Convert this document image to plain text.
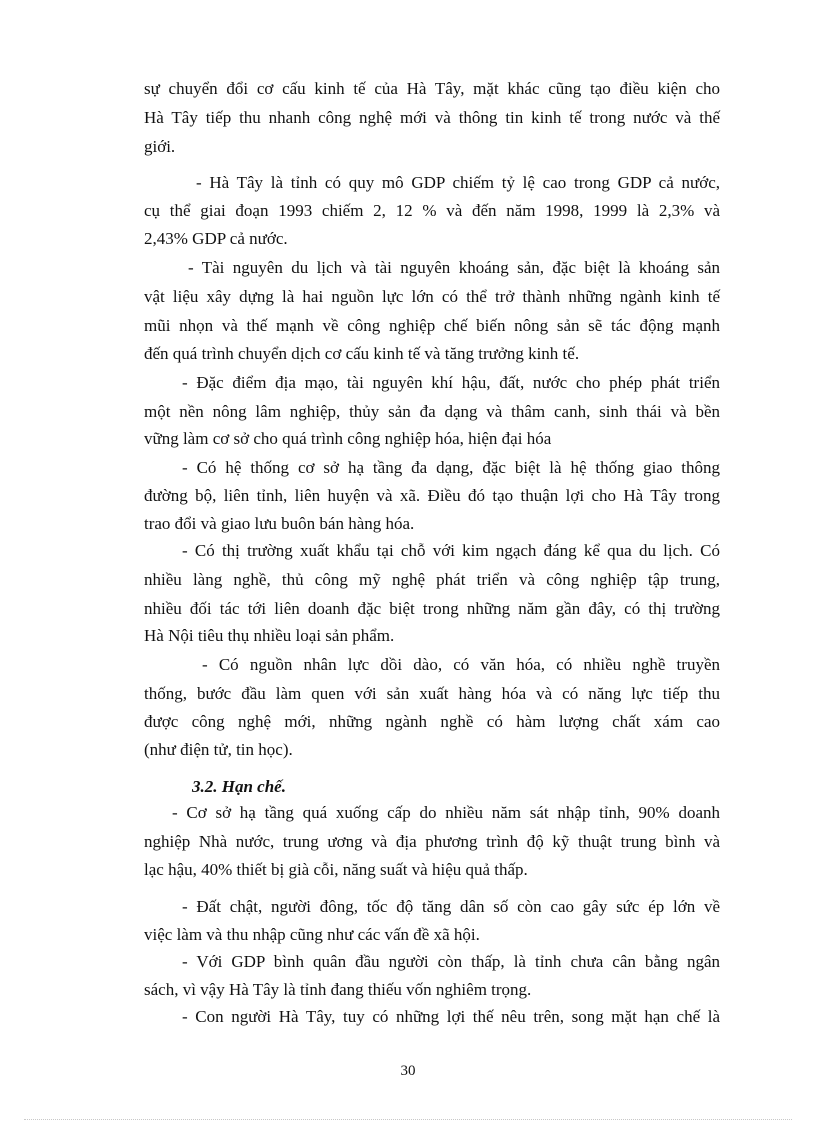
sự chuyển đổi cơ cấu kinh tế của Hà Tây, mặt khác cũng tạo điều kiện cho
Hà Tây tiếp thu nhanh công nghệ mới và thông tin kinh tế trong nước và thế
giới.
- Hà Tây là tỉnh có quy mô GDP chiếm tỷ lệ cao trong GDP cả nước,
cụ thể giai đoạn 1993 chiếm 2, 12 % và đến năm 1998, 1999 là 2,3% và
2,43% GDP cả nước.
- Tài nguyên du lịch và tài nguyên khoáng sản, đặc biệt là khoáng sản
vật liệu xây dựng là hai nguồn lực lớn có thể trở thành những ngành kinh tế
mũi nhọn và thế mạnh về công nghiệp chế biến nông sản sẽ tác động mạnh
đến quá trình chuyển dịch cơ cấu kinh tế và tăng trưởng kinh tế.
- Đặc điểm địa mạo, tài nguyên khí hậu, đất, nước cho phép phát triển
một nền nông lâm nghiệp, thủy sản đa dạng và thâm canh, sinh thái và bền
vững làm cơ sở cho quá trình công nghiệp hóa, hiện đại hóa
- Có hệ thống cơ sở hạ tầng đa dạng, đặc biệt là hệ thống giao thông
đường bộ, liên tỉnh, liên huyện và xã. Điều đó tạo thuận lợi cho Hà Tây trong
trao đổi và giao lưu buôn bán hàng hóa.
- Có thị trường xuất khẩu tại chỗ với kim ngạch đáng kể qua du lịch. Có
nhiều làng nghề, thủ công mỹ nghệ phát triển và công nghiệp tập trung,
nhiều đối tác tới liên doanh đặc biệt trong những năm gần đây, có thị trường
Hà Nội tiêu thụ nhiều loại sản phẩm.
- Có nguồn nhân lực dồi dào, có văn hóa, có nhiều nghề truyền
thống, bước đầu làm quen với sản xuất hàng hóa và có năng lực tiếp thu
được công nghệ mới, những ngành nghề có hàm lượng chất xám cao
(như điện tử, tin học).
3.2. Hạn chế.
- Cơ sở hạ tầng quá xuống cấp do nhiều năm sát nhập tỉnh, 90% doanh
nghiệp Nhà nước, trung ương và địa phương trình độ kỹ thuật trung bình và
lạc hậu, 40% thiết bị già cỗi, năng suất và hiệu quả thấp.
- Đất chật, người đông, tốc độ tăng dân số còn cao gây sức ép lớn về
việc làm và thu nhập cũng như các vấn đề xã hội.
- Với GDP bình quân đầu người còn thấp, là tỉnh chưa cân bằng ngân
sách, vì vậy Hà Tây là tỉnh đang thiếu vốn nghiêm trọng.
- Con người Hà Tây, tuy có những lợi thế nêu trên, song mặt hạn chế là
30
